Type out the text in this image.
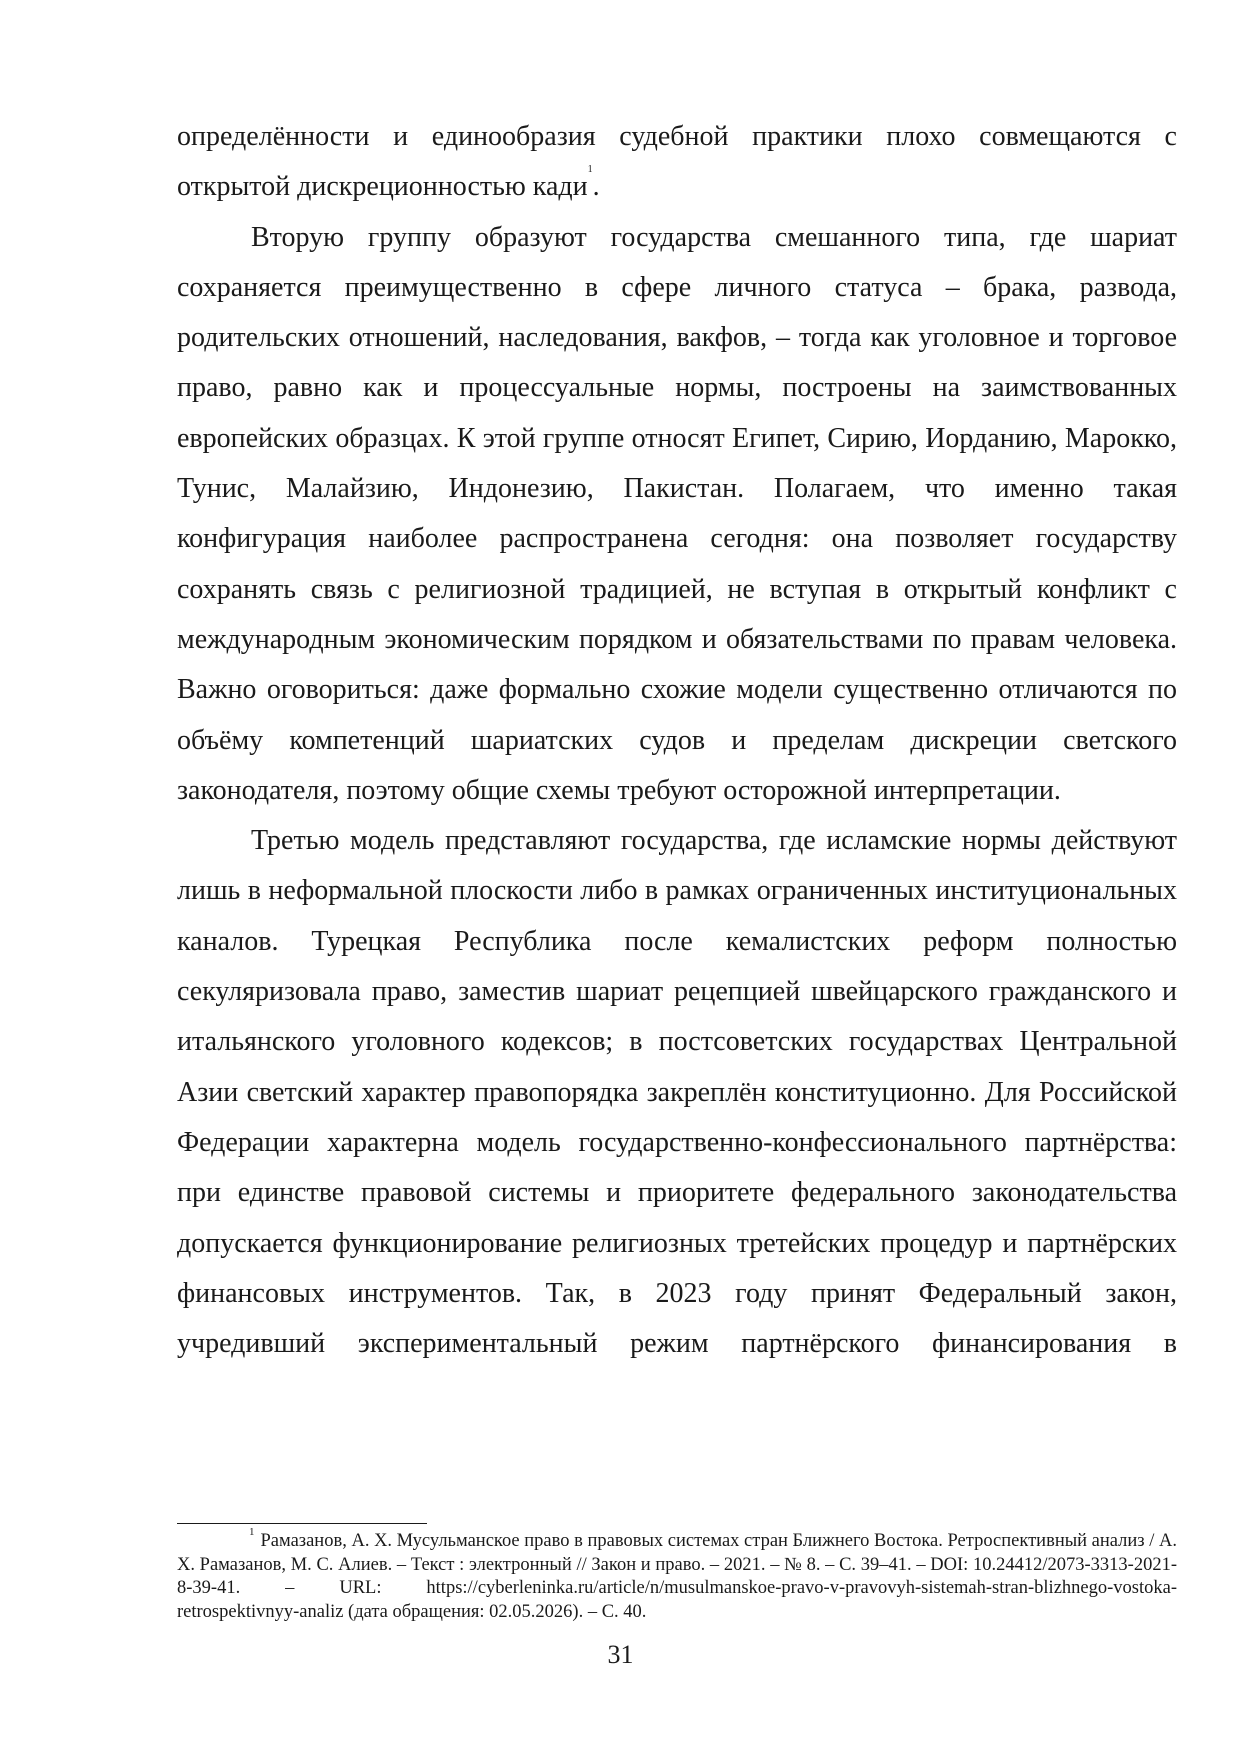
определённости и единообразия судебной практики плохо совмещаются с открытой дискреционностью кади$^1$.

Вторую группу образуют государства смешанного типа, где шариат сохраняется преимущественно в сфере личного статуса – брака, развода, родительских отношений, наследования, вакфов, – тогда как уголовное и торговое право, равно как и процессуальные нормы, построены на заимствованных европейских образцах. К этой группе относят Египет, Сирию, Иорданию, Марокко, Тунис, Малайзию, Индонезию, Пакистан. Полагаем, что именно такая конфигурация наиболее распространена сегодня: она позволяет государству сохранять связь с религиозной традицией, не вступая в открытый конфликт с международным экономическим порядком и обязательствами по правам человека. Важно оговориться: даже формально схожие модели существенно отличаются по объёму компетенций шариатских судов и пределам дискреции светского законодателя, поэтому общие схемы требуют осторожной интерпретации.

Третью модель представляют государства, где исламские нормы действуют лишь в неформальной плоскости либо в рамках ограниченных институциональных каналов. Турецкая Республика после кемалистских реформ полностью секуляризовала право, заместив шариат рецепцией швейцарского гражданского и итальянского уголовного кодексов; в постсоветских государствах Центральной Азии светский характер правопорядка закреплён конституционно. Для Российской Федерации характерна модель государственно-конфессионального партнёрства: при единстве правовой системы и приоритете федерального законодательства допускается функционирование религиозных третейских процедур и партнёрских финансовых инструментов. Так, в 2023 году принят Федеральный закон, учредивший экспериментальный режим партнёрского финансирования в

$^1$ Рамазанов, А. Х. Мусульманское право в правовых системах стран Ближнего Востока. Ретроспективный анализ / А. Х. Рамазанов, М. С. Алиев. – Текст : электронный // Закон и право. – 2021. – № 8. – С. 39–41. – DOI: 10.24412/2073-3313-2021-8-39-41. – URL: https://cyberleninka.ru/article/n/musulmanskoe-pravo-v-pravovyh-sistemah-stran-blizhnego-vostoka-retrospektivnyy-analiz (дата обращения: 02.05.2026). – С. 40.

31
